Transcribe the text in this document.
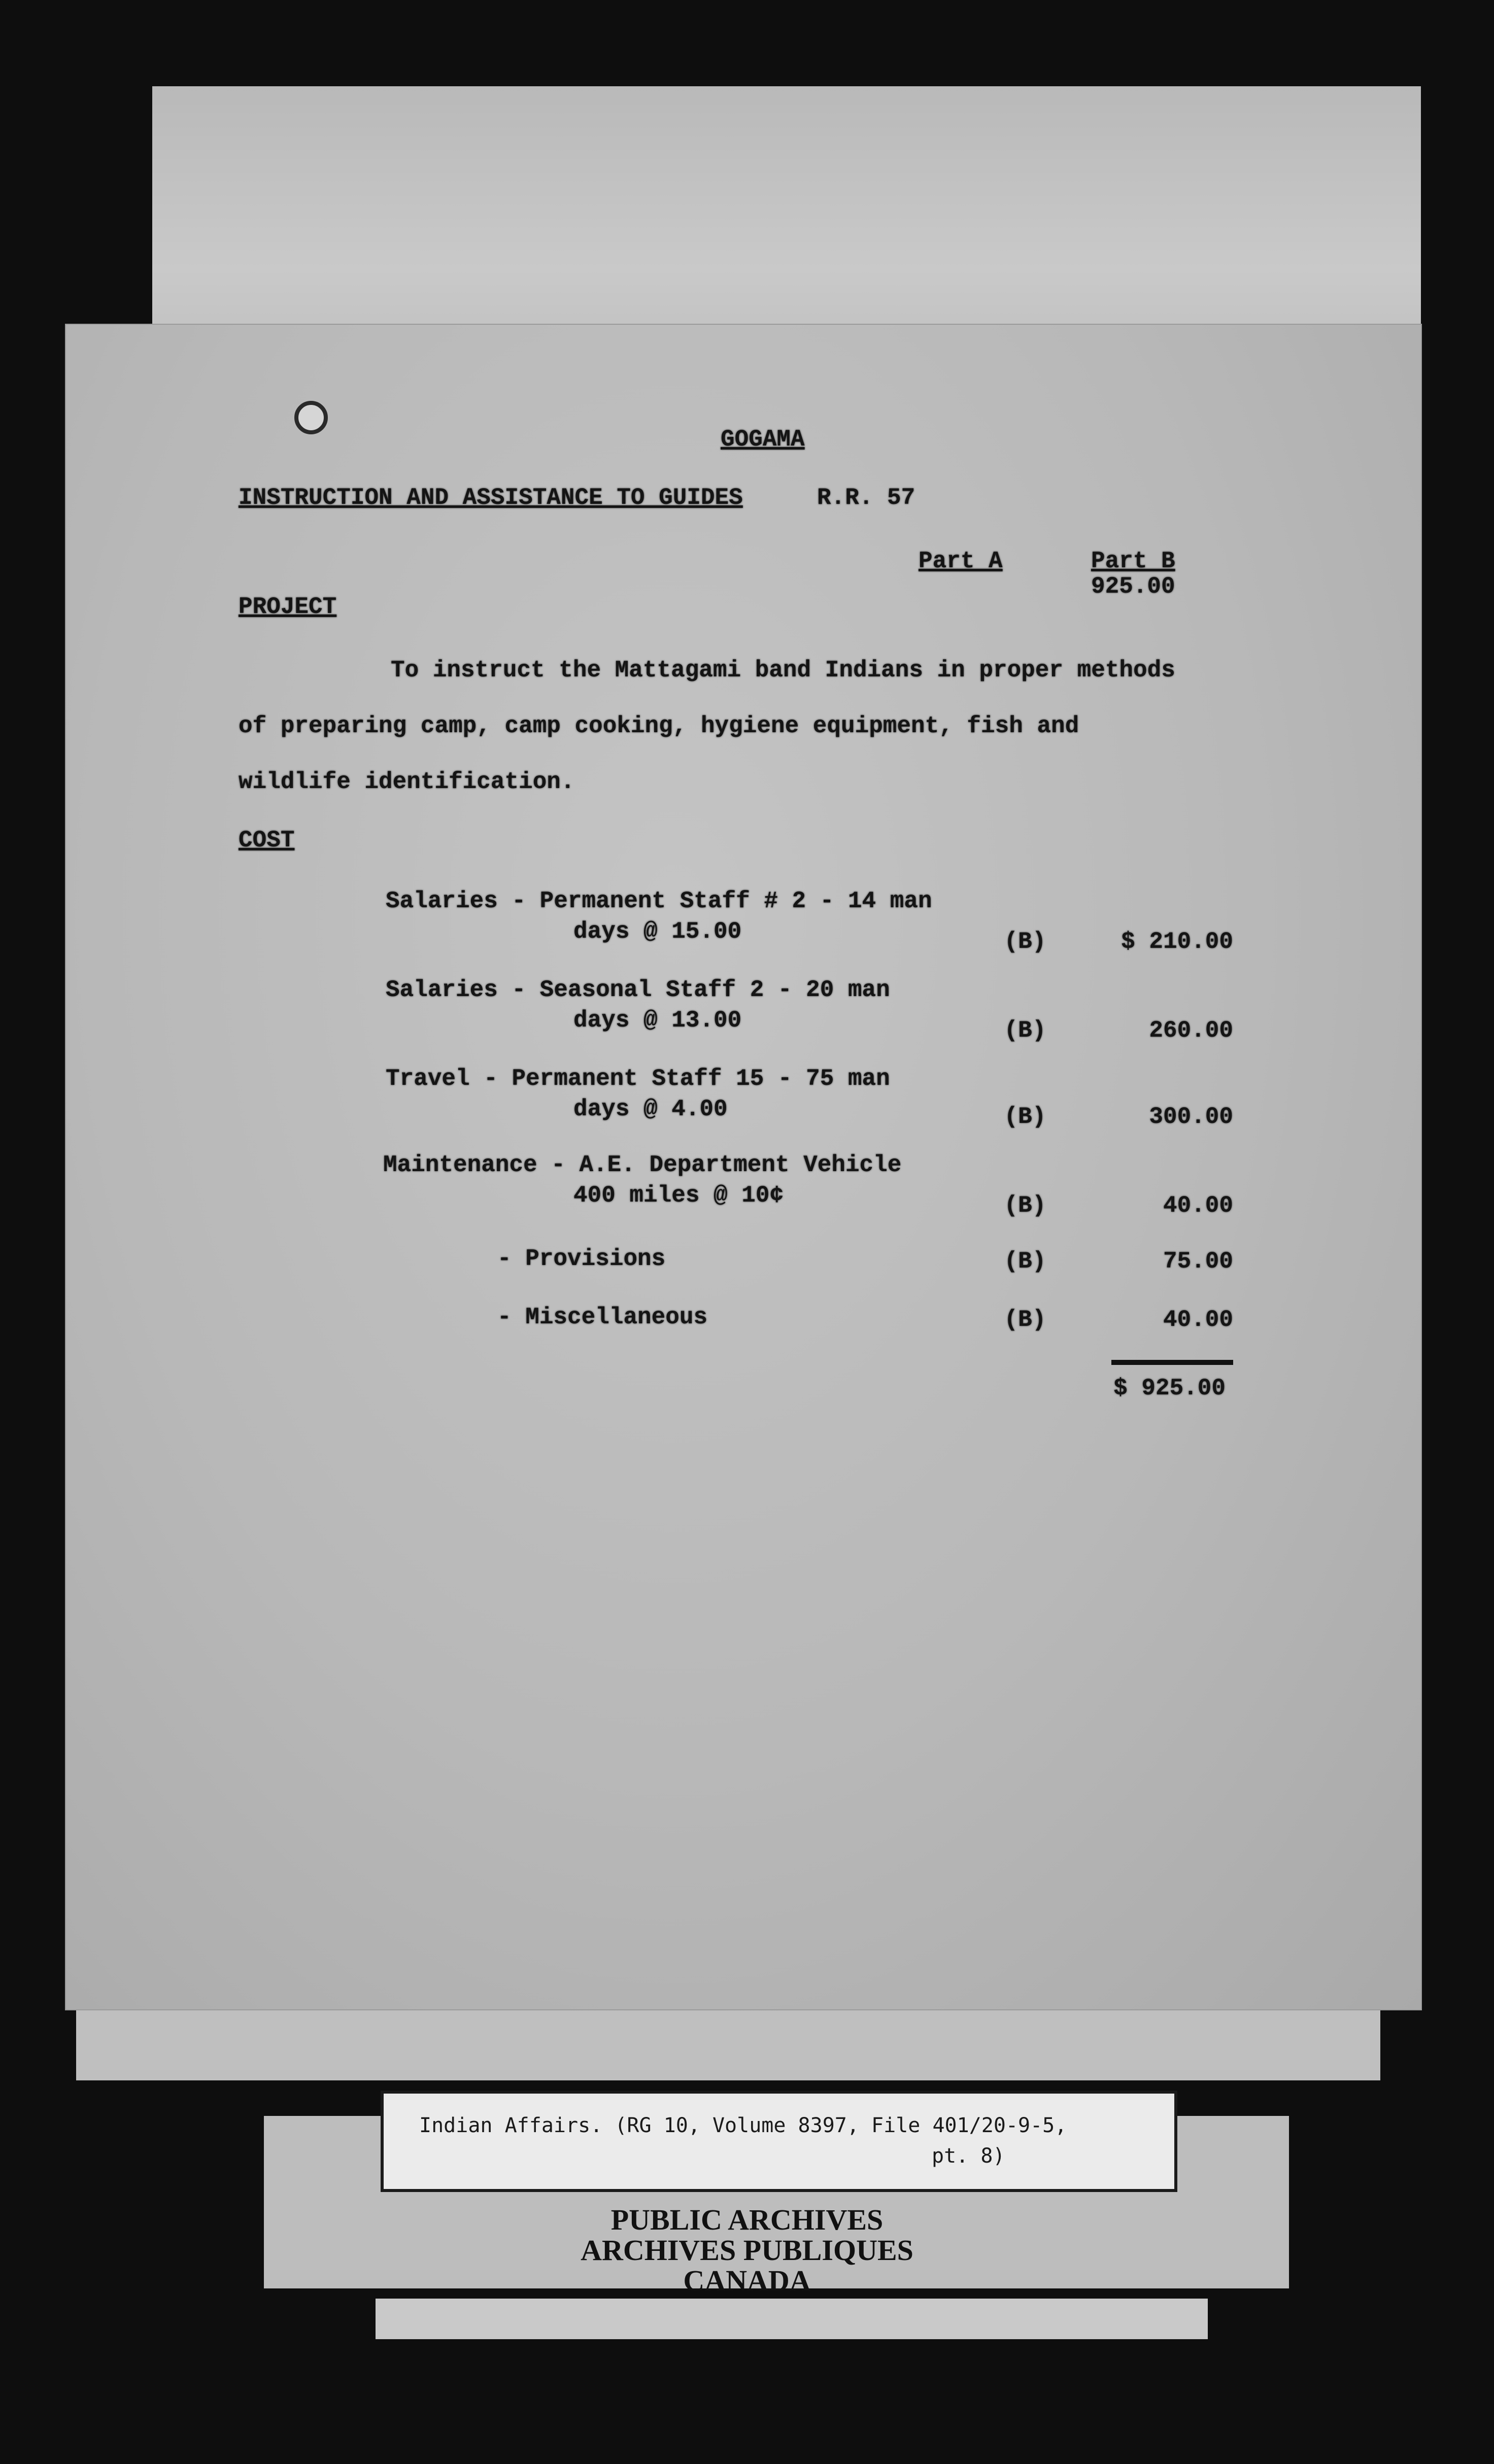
GOGAMA
INSTRUCTION AND ASSISTANCE TO GUIDES	R.R. 57
Part A	Part B
925.00
PROJECT
To instruct the Mattagami band Indians in proper methods
of preparing camp, camp cooking, hygiene equipment, fish and
wildlife identification.
COST
Salaries - Permanent Staff # 2 - 14 man
days @ 15.00	(B)	$ 210.00
Salaries - Seasonal Staff 2 - 20 man
days @ 13.00	(B)	260.00
Travel - Permanent Staff 15 - 75 man
days @ 4.00	(B)	300.00
Maintenance - A.E. Department Vehicle
400 miles @ 10¢	(B)	40.00
- Provisions	(B)	75.00
- Miscellaneous	(B)	40.00
$ 925.00
Indian Affairs. (RG 10, Volume 8397, File 401/20-9-5,
pt. 8)
PUBLIC ARCHIVES
ARCHIVES PUBLIQUES
CANADA
